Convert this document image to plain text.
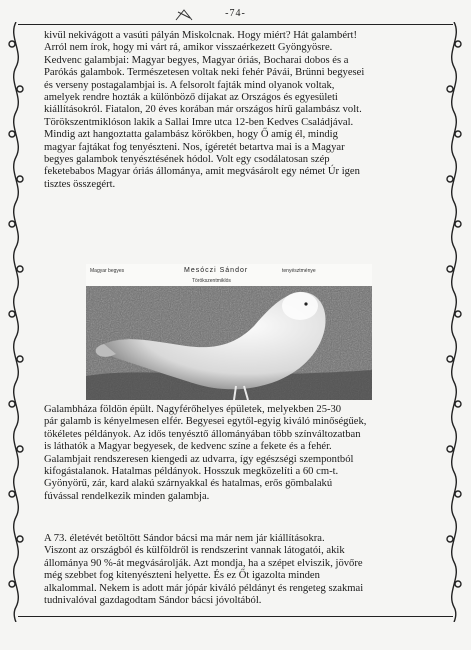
-74-

kivül nekivágott a vasúti pályán Miskolcnak. Hogy miért? Hát galambért!

Arról nem írok, hogy mi várt rá, amikor visszaérkezett Gyöngyösre.

Kedvenc galambjai: Magyar begyes, Magyar óriás, Bocharai dobos és a

Parókás galambok. Természetesen voltak neki fehér Pávái, Brünni begyesei

és verseny postagalambjai is. A felsorolt fajták mind olyanok voltak,

amelyek rendre hozták a különböző díjakat az Országos és egyesületi

kiállításokról. Fiatalon, 20 éves korában már országos hírű galambász volt.

Törökszentmiklóson lakik a Sallai Imre utca 12-ben Kedves Családjával.

Mindig azt hangoztatta galambász körökben, hogy Ő amíg él, mindig

magyar fajtákat fog tenyészteni. Nos, ígéretét betartva mai is a Magyar

begyes galambok tenyésztésének hódol. Volt egy csodálatosan szép

feketebabos Magyar óriás állománya, amit megvásárolt egy német Úr igen

tisztes összegért.

Magyar begyes	Mesóczi Sándor	tenyésztménye
Törökszentmiklós

Galambháza földön épült. Nagyférőhelyes épületek, melyekben 25-30

pár galamb is kényelmesen elfér. Begyesei egytől-egyig kiváló minőségűek,

tökéletes példányok. Az idős tenyésztő állományában több színváltozatban

is láthatók a Magyar begyesek, de kedvenc színe a fekete és a fehér.

Galambjait rendszeresen kiengedi az udvarra, így egészségi szempontból

kifogástalanok. Hatalmas példányok. Hosszuk megközelíti a 60 cm-t.

Gyönyörű, zár, kard alakú szárnyakkal és hatalmas, erős gömbalakú

fúvással rendelkezik minden galambja.

A 73. életévét betöltött Sándor bácsi ma már nem jár kiállításokra.

Viszont az országból és külföldről is rendszerint vannak látogatói, akik

állománya 90 %-át megvásárolják. Azt mondja, ha a szépet elviszik, jövőre

még szebbet fog kitenyészteni helyette. És ez Őt igazolta minden

alkalommal. Nekem is adott már jópár kiváló példányt és rengeteg szakmai

tudnivalóval gazdagodtam Sándor bácsi jóvoltából.
